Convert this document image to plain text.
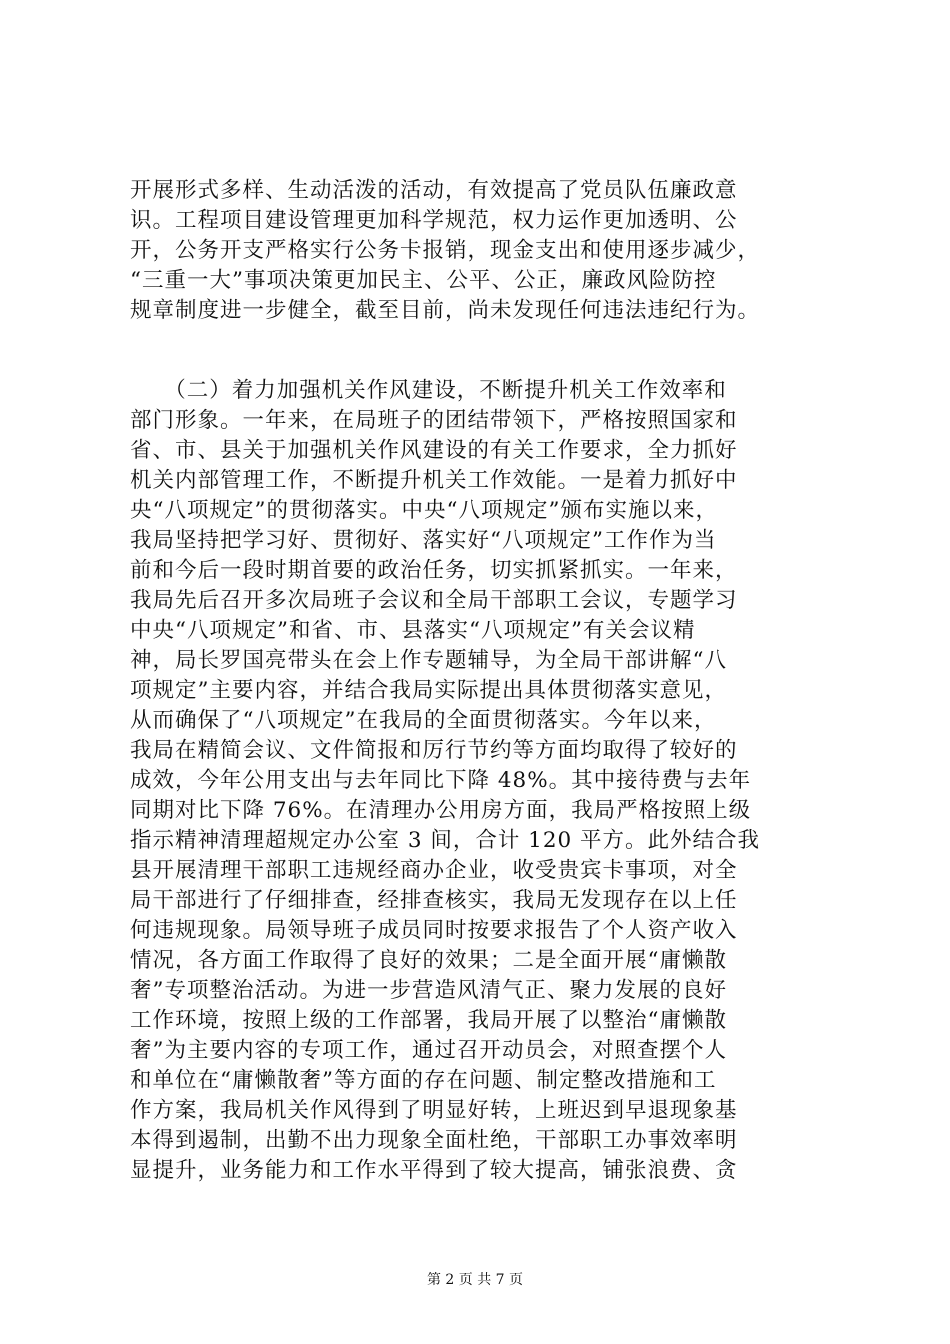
开展形式多样、生动活泼的活动，有效提高了党员队伍廉政意
识。工程项目建设管理更加科学规范，权力运作更加透明、公
开，公务开支严格实行公务卡报销，现金支出和使用逐步减少，
“三重一大”事项决策更加民主、公平、公正，廉政风险防控
规章制度进一步健全，截至目前，尚未发现任何违法违纪行为。
　　（二）着力加强机关作风建设，不断提升机关工作效率和
部门形象。一年来，在局班子的团结带领下，严格按照国家和
省、市、县关于加强机关作风建设的有关工作要求，全力抓好
机关内部管理工作，不断提升机关工作效能。一是着力抓好中
央“八项规定”的贯彻落实。中央“八项规定”颁布实施以来，
我局坚持把学习好、贯彻好、落实好“八项规定”工作作为当
前和今后一段时期首要的政治任务，切实抓紧抓实。一年来，
我局先后召开多次局班子会议和全局干部职工会议，专题学习
中央“八项规定”和省、市、县落实“八项规定”有关会议精
神，局长罗国亮带头在会上作专题辅导，为全局干部讲解“八
项规定”主要内容，并结合我局实际提出具体贯彻落实意见，
从而确保了“八项规定”在我局的全面贯彻落实。今年以来，
我局在精简会议、文件简报和厉行节约等方面均取得了较好的
成效，今年公用支出与去年同比下降 48%。其中接待费与去年
同期对比下降 76%。在清理办公用房方面，我局严格按照上级
指示精神清理超规定办公室 3 间，合计 120 平方。此外结合我
县开展清理干部职工违规经商办企业，收受贵宾卡事项，对全
局干部进行了仔细排查，经排查核实，我局无发现存在以上任
何违规现象。局领导班子成员同时按要求报告了个人资产收入
情况，各方面工作取得了良好的效果；二是全面开展“庸懒散
奢”专项整治活动。为进一步营造风清气正、聚力发展的良好
工作环境，按照上级的工作部署，我局开展了以整治“庸懒散
奢”为主要内容的专项工作，通过召开动员会，对照查摆个人
和单位在“庸懒散奢”等方面的存在问题、制定整改措施和工
作方案，我局机关作风得到了明显好转，上班迟到早退现象基
本得到遏制，出勤不出力现象全面杜绝，干部职工办事效率明
显提升，业务能力和工作水平得到了较大提高，铺张浪费、贪
第 2 页 共 7 页
